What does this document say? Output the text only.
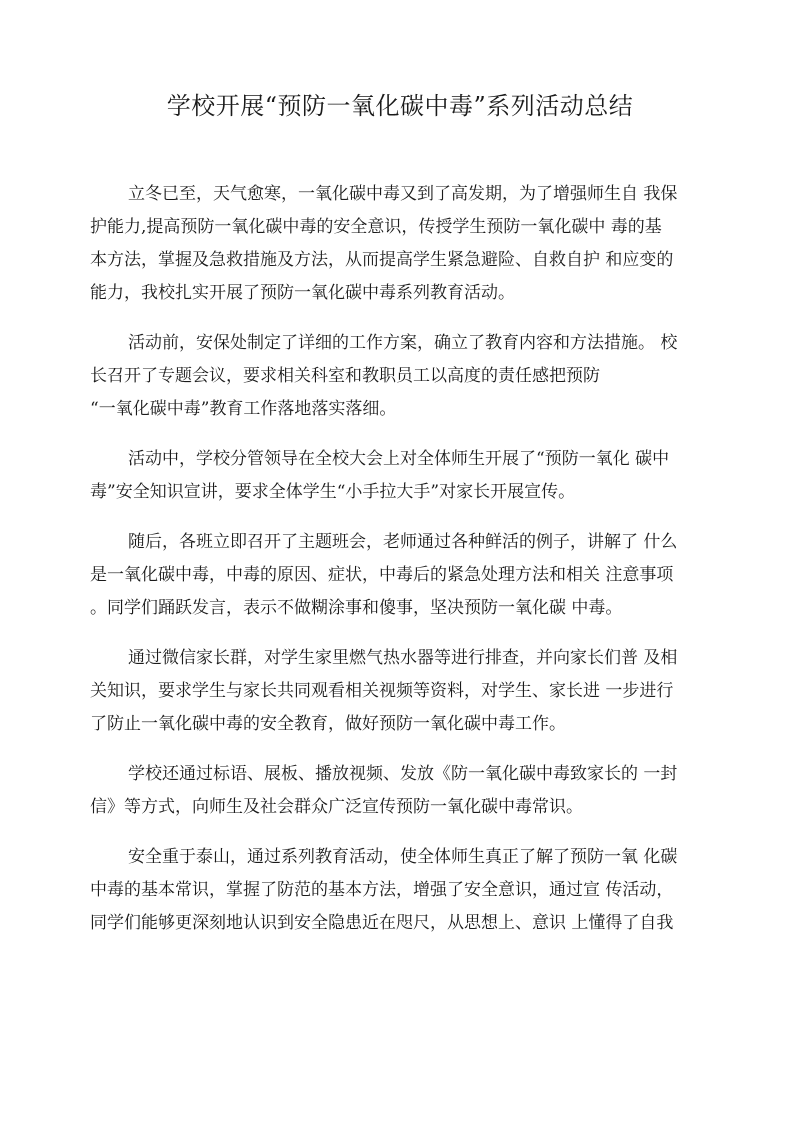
学校开展“预防一氧化碳中毒”系列活动总结

立冬已至，天气愈寒，一氧化碳中毒又到了高发期，为了增强师生自 我保
护能力,提高预防一氧化碳中毒的安全意识，传授学生预防一氧化碳中 毒的基
本方法，掌握及急救措施及方法，从而提高学生紧急避险、自救自护 和应变的
能力，我校扎实开展了预防一氧化碳中毒系列教育活动。

活动前，安保处制定了详细的工作方案，确立了教育内容和方法措施。 校
长召开了专题会议，要求相关科室和教职员工以高度的责任感把预防
“一氧化碳中毒”教育工作落地落实落细。

活动中，学校分管领导在全校大会上对全体师生开展了“预防一氧化 碳中
毒”安全知识宣讲，要求全体学生“小手拉大手”对家长开展宣传。

随后，各班立即召开了主题班会，老师通过各种鲜活的例子，讲解了 什么
是一氧化碳中毒，中毒的原因、症状，中毒后的紧急处理方法和相关 注意事项
。同学们踊跃发言，表示不做糊涂事和傻事，坚决预防一氧化碳 中毒。

通过微信家长群，对学生家里燃气热水器等进行排查，并向家长们普 及相
关知识，要求学生与家长共同观看相关视频等资料，对学生、家长进 一步进行
了防止一氧化碳中毒的安全教育，做好预防一氧化碳中毒工作。

学校还通过标语、展板、播放视频、发放《防一氧化碳中毒致家长的 一封
信》等方式，向师生及社会群众广泛宣传预防一氧化碳中毒常识。

安全重于泰山，通过系列教育活动，使全体师生真正了解了预防一氧 化碳
中毒的基本常识，掌握了防范的基本方法，增强了安全意识，通过宣 传活动，
同学们能够更深刻地认识到安全隐患近在咫尺，从思想上、意识 上懂得了自我
